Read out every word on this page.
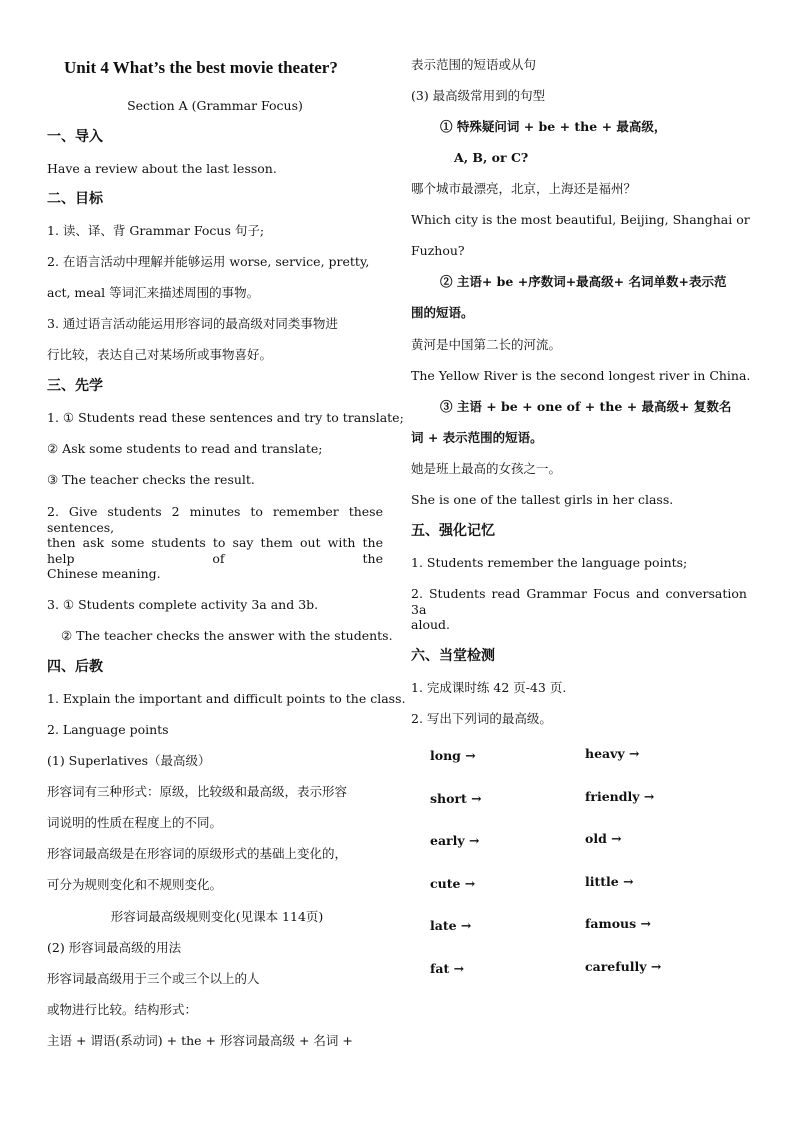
Unit 4 What’s the best movie theater?
Section A (Grammar Focus)
一、导入
Have a review about the last lesson.
二、目标
1. 读、译、背 Grammar Focus 句子;
2. 在语言活动中理解并能够运用 worse, service, pretty,
act, meal 等词汇来描述周围的事物。
3. 通过语言活动能运用形容词的最高级对同类事物进
行比较，表达自己对某场所或事物喜好。
三、先学
1. ① Students read these sentences and try to translate;
② Ask some students to read and translate;
③ The teacher checks the result.
2. Give students 2 minutes to remember these sentences,
then ask some students to say them out with the help of the
Chinese meaning.
3. ① Students complete activity 3a and 3b.
② The teacher checks the answer with the students.
四、后教
1. Explain the important and difficult points to the class.
2. Language points
(1) Superlatives（最高级）
形容词有三种形式：原级，比较级和最高级，表示形容
词说明的性质在程度上的不同。
形容词最高级是在形容词的原级形式的基础上变化的，
可分为规则变化和不规则变化。
形容词最高级规则变化(见课本 114页)
(2) 形容词最高级的用法
形容词最高级用于三个或三个以上的人
或物进行比较。结构形式：
主语 + 谓语(系动词) + the + 形容词最高级 + 名词 +
表示范围的短语或从句
(3) 最高级常用到的句型
① 特殊疑问词 + be + the + 最高级，
A, B, or C?
哪个城市最漂亮，北京，上海还是福州？
Which city is the most beautiful, Beijing, Shanghai or
Fuzhou?
② 主语+ be +序数词+最高级+ 名词单数+表示范
围的短语。
黄河是中国第二长的河流。
The Yellow River is the second longest river in China.
③ 主语 + be + one of + the + 最高级+ 复数名
词 + 表示范围的短语。
她是班上最高的女孩之一。
She is one of the tallest girls in her class.
五、强化记忆
1. Students remember the language points;
2. Students read Grammar Focus and conversation 3a
aloud.
六、当堂检测
1. 完成课时练 42 页-43 页.
2. 写出下列词的最高级。
long →	heavy →
short →	friendly →
early →	old →
cute →	little →
late →	famous →
fat →	carefully →
